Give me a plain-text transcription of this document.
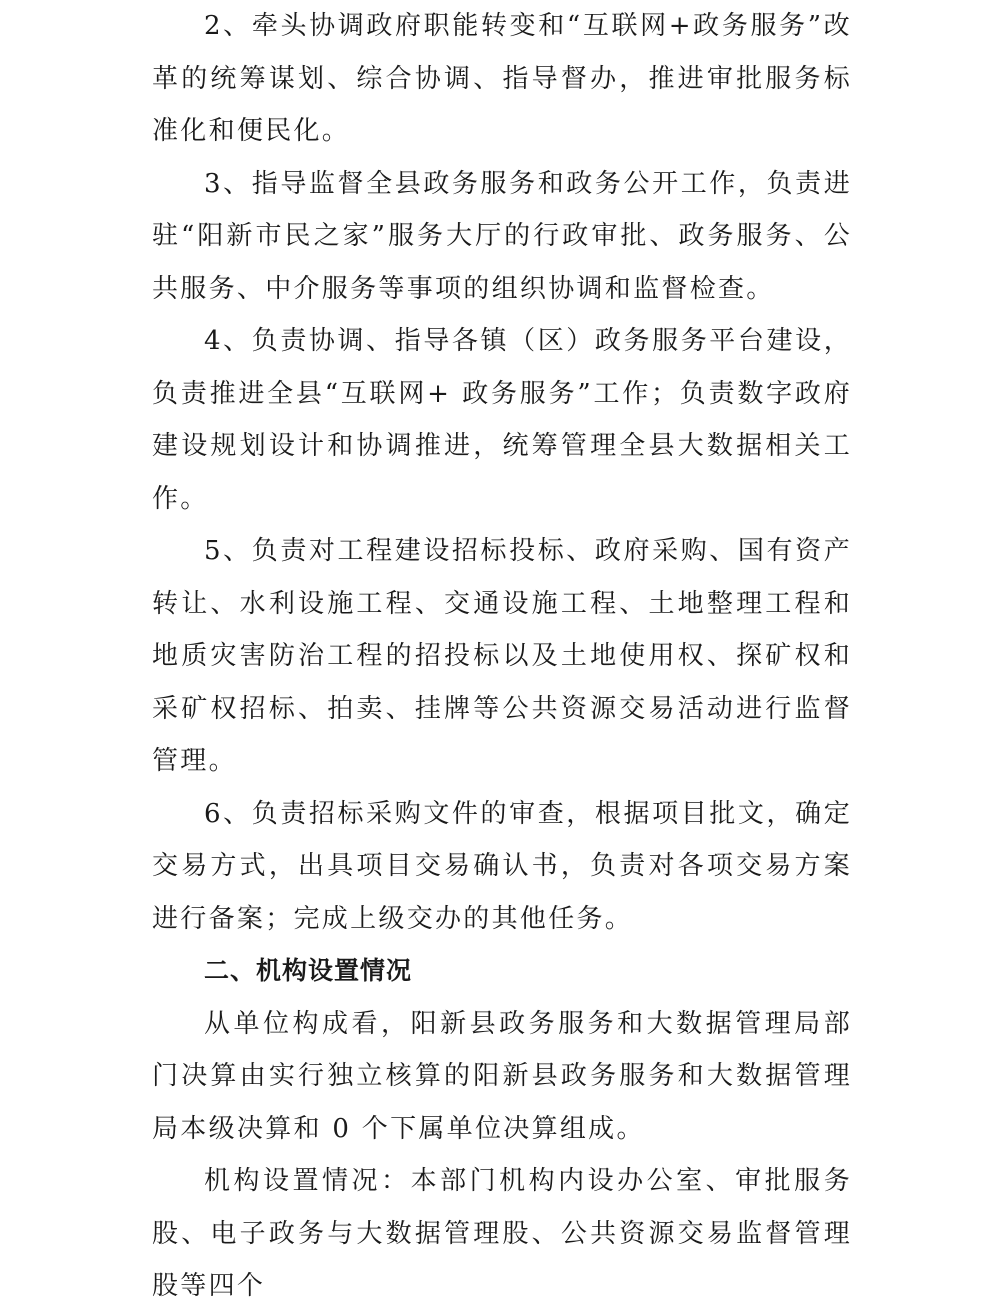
2、牵头协调政府职能转变和“互联网+政务服务”改革的统筹谋划、综合协调、指导督办，推进审批服务标准化和便民化。

3、指导监督全县政务服务和政务公开工作，负责进驻“阳新市民之家”服务大厅的行政审批、政务服务、公共服务、中介服务等事项的组织协调和监督检查。

4、负责协调、指导各镇（区）政务服务平台建设，负责推进全县“互联网+ 政务服务”工作；负责数字政府建设规划设计和协调推进，统筹管理全县大数据相关工作。

5、负责对工程建设招标投标、政府采购、国有资产转让、水利设施工程、交通设施工程、土地整理工程和地质灾害防治工程的招投标以及土地使用权、探矿权和采矿权招标、拍卖、挂牌等公共资源交易活动进行监督管理。

6、负责招标采购文件的审查，根据项目批文，确定交易方式，出具项目交易确认书，负责对各项交易方案进行备案；完成上级交办的其他任务。

二、机构设置情况

从单位构成看，阳新县政务服务和大数据管理局部门决算由实行独立核算的阳新县政务服务和大数据管理局本级决算和 0 个下属单位决算组成。

机构设置情况：本部门机构内设办公室、审批服务股、电子政务与大数据管理股、公共资源交易监督管理股等四个
